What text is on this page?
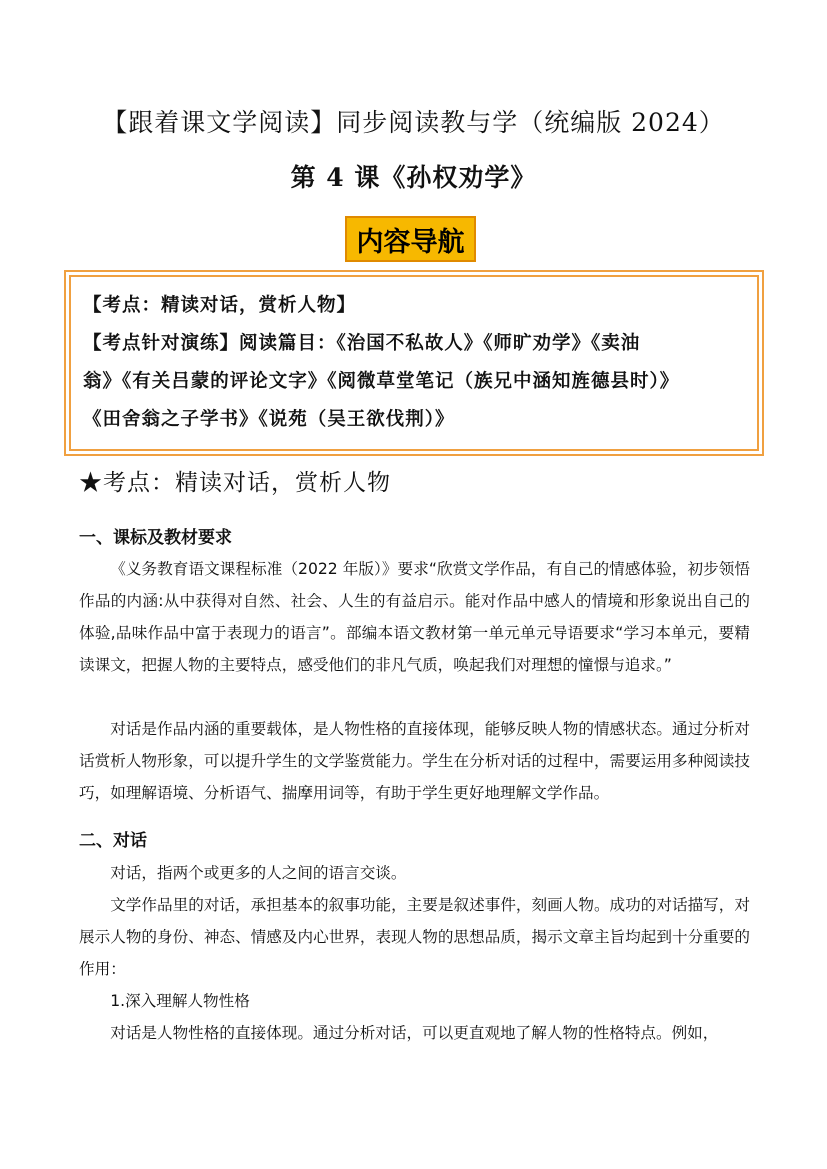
【跟着课文学阅读】同步阅读教与学（统编版 2024）
第 4 课《孙权劝学》
内容导航

【考点：精读对话，赏析人物】

【考点针对演练】阅读篇目：《治国不私故人》《师旷劝学》《卖油

翁》《有关吕蒙的评论文字》《阅微草堂笔记（族兄中涵知旌德县时）》

《田舍翁之子学书》《说苑（吴王欲伐荆）》

★考点：精读对话，赏析人物
一、课标及教材要求

《义务教育语文课程标准（2022 年版）》要求“欣赏文学作品，有自己的情感体验，初步领悟作品的内涵:从中获得对自然、社会、人生的有益启示。能对作品中感人的情境和形象说出自己的体验,品味作品中富于表现力的语言”。部编本语文教材第一单元单元导语要求“学习本单元，要精读课文，把握人物的主要特点，感受他们的非凡气质，唤起我们对理想的憧憬与追求。”

对话是作品内涵的重要载体，是人物性格的直接体现，能够反映人物的情感状态。通过分析对话赏析人物形象，可以提升学生的文学鉴赏能力。学生在分析对话的过程中，需要运用多种阅读技巧，如理解语境、分析语气、揣摩用词等，有助于学生更好地理解文学作品。

二、对话

对话，指两个或更多的人之间的语言交谈。

文学作品里的对话，承担基本的叙事功能，主要是叙述事件，刻画人物。成功的对话描写，对展示人物的身份、神态、情感及内心世界，表现人物的思想品质，揭示文章主旨均起到十分重要的作用：

1.深入理解人物性格

对话是人物性格的直接体现。通过分析对话，可以更直观地了解人物的性格特点。例如，
